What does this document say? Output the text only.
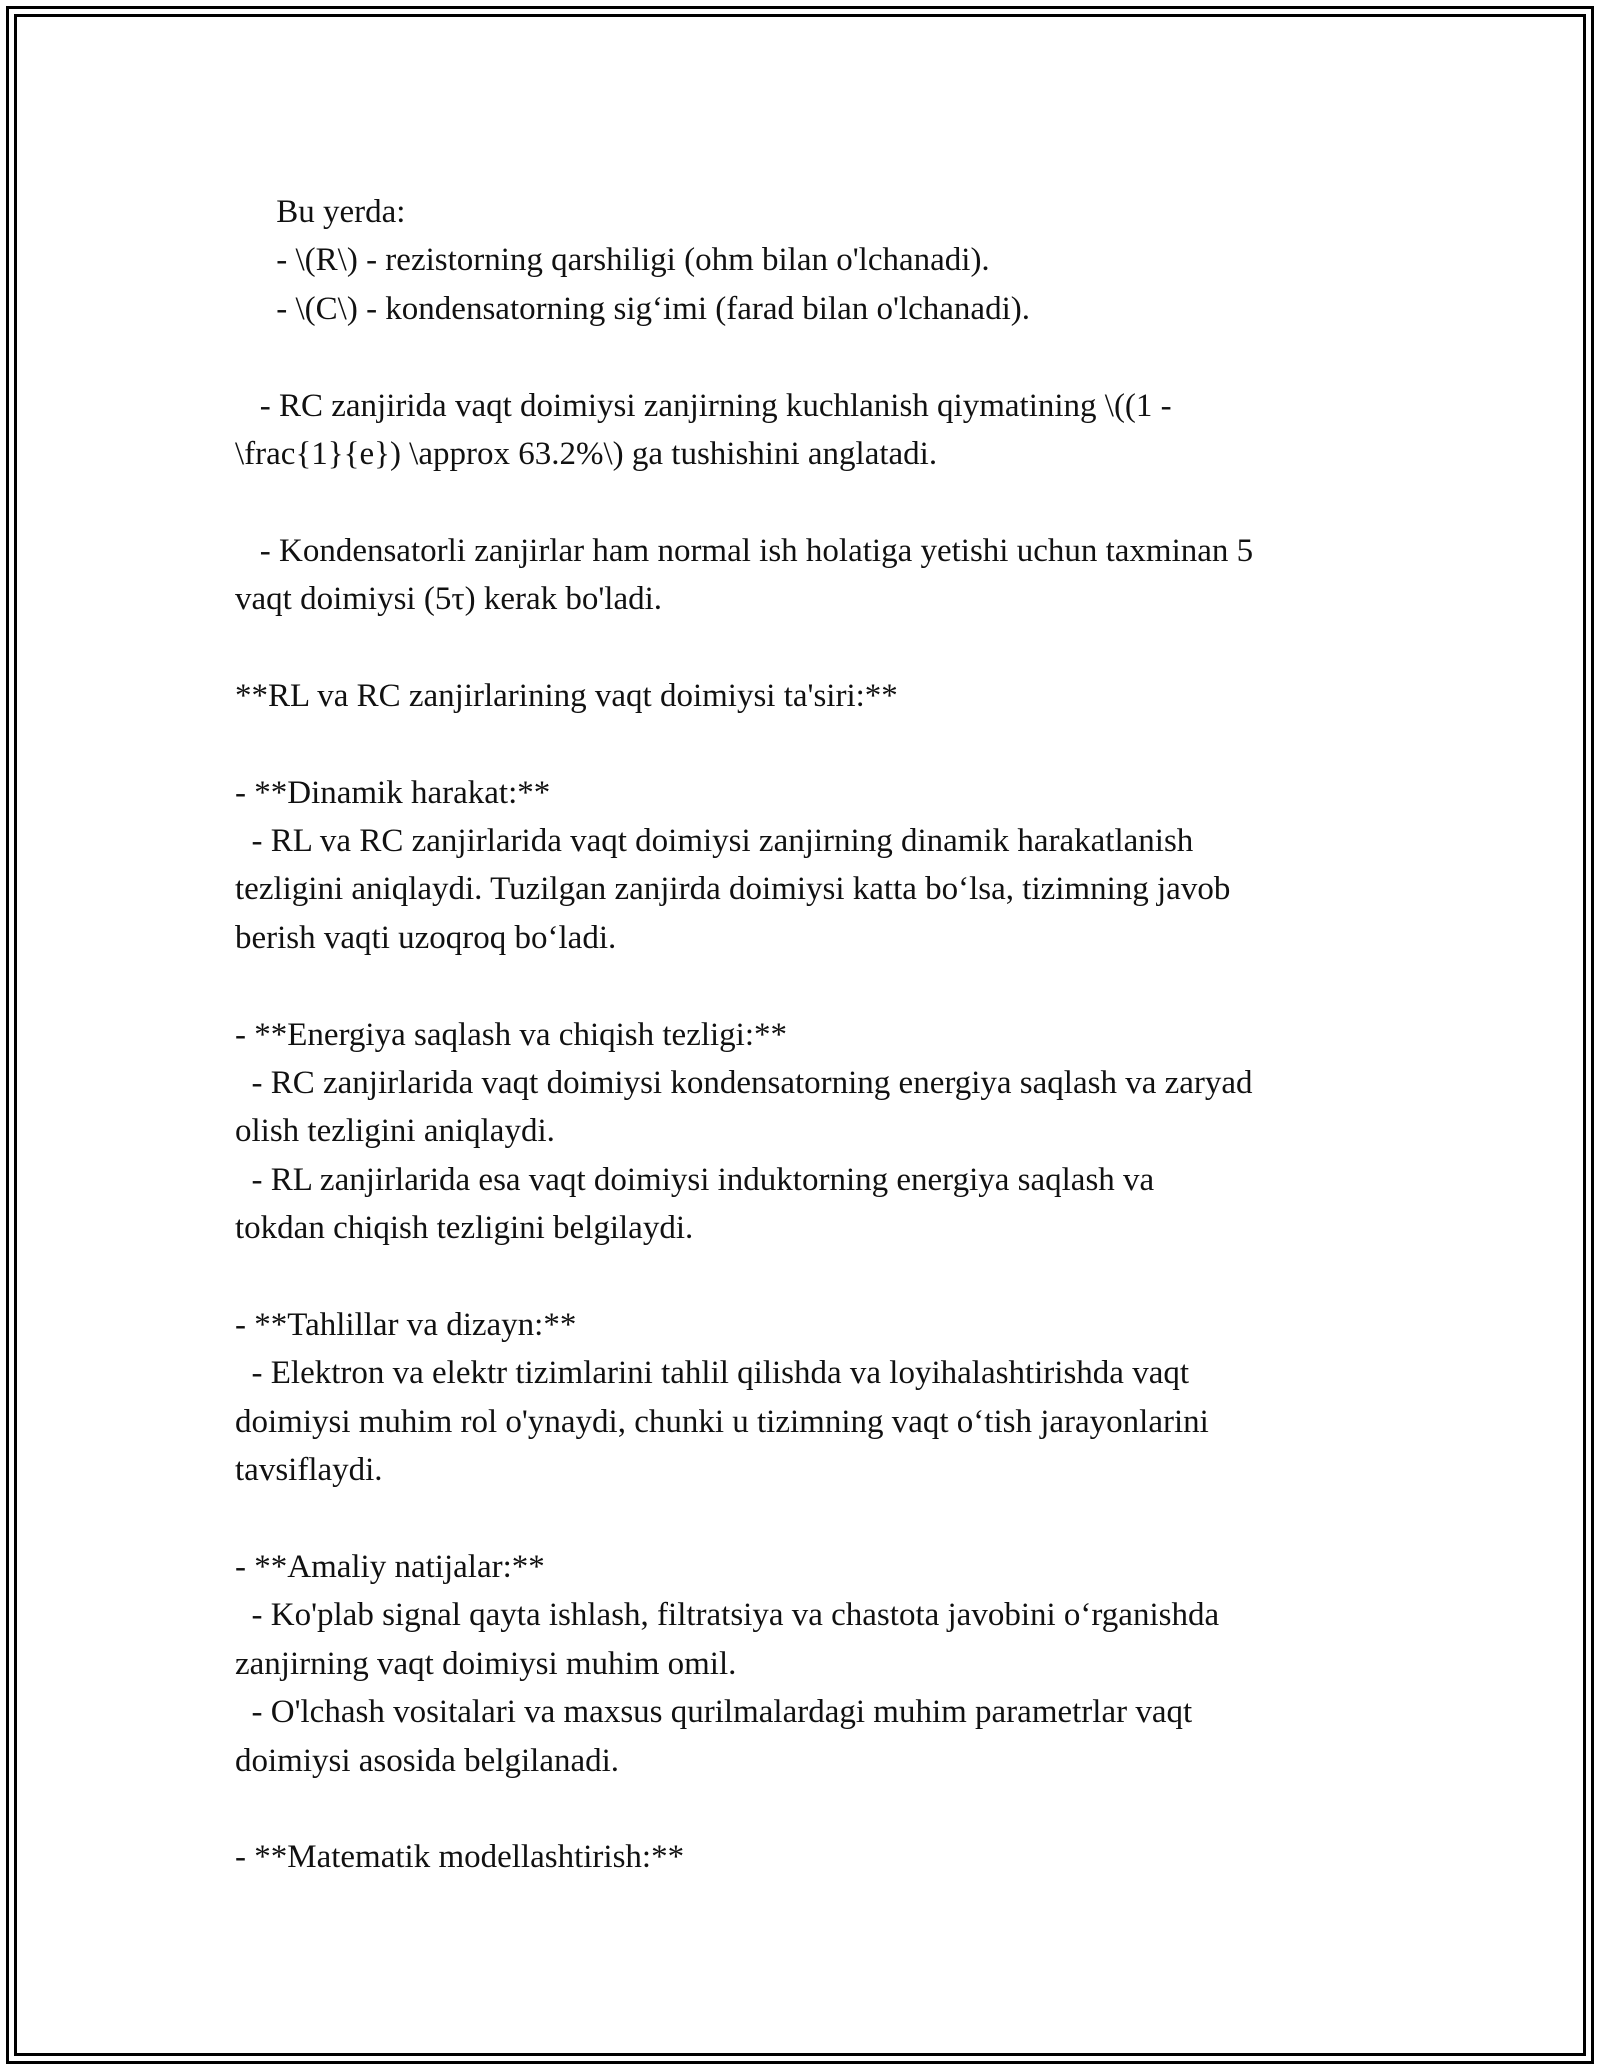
Bu yerda:
- \(R\) - rezistorning qarshiligi (ohm bilan o'lchanadi).
- \(C\) - kondensatorning sig‘imi (farad bilan o'lchanadi).
- RC zanjirida vaqt doimiysi zanjirning kuchlanish qiymatining \((1 -
\frac{1}{e}) \approx 63.2%\) ga tushishini anglatadi.
- Kondensatorli zanjirlar ham normal ish holatiga yetishi uchun taxminan 5
vaqt doimiysi (5τ) kerak bo'ladi.
**RL va RC zanjirlarining vaqt doimiysi ta'siri:**
- **Dinamik harakat:**
- RL va RC zanjirlarida vaqt doimiysi zanjirning dinamik harakatlanish
tezligini aniqlaydi. Tuzilgan zanjirda doimiysi katta bo‘lsa, tizimning javob
berish vaqti uzoqroq bo‘ladi.
- **Energiya saqlash va chiqish tezligi:**
- RC zanjirlarida vaqt doimiysi kondensatorning energiya saqlash va zaryad
olish tezligini aniqlaydi.
- RL zanjirlarida esa vaqt doimiysi induktorning energiya saqlash va
tokdan chiqish tezligini belgilaydi.
- **Tahlillar va dizayn:**
- Elektron va elektr tizimlarini tahlil qilishda va loyihalashtirishda vaqt
doimiysi muhim rol o'ynaydi, chunki u tizimning vaqt o‘tish jarayonlarini
tavsiflaydi.
- **Amaliy natijalar:**
- Ko'plab signal qayta ishlash, filtratsiya va chastota javobini o‘rganishda
zanjirning vaqt doimiysi muhim omil.
- O'lchash vositalari va maxsus qurilmalardagi muhim parametrlar vaqt
doimiysi asosida belgilanadi.
- **Matematik modellashtirish:**
